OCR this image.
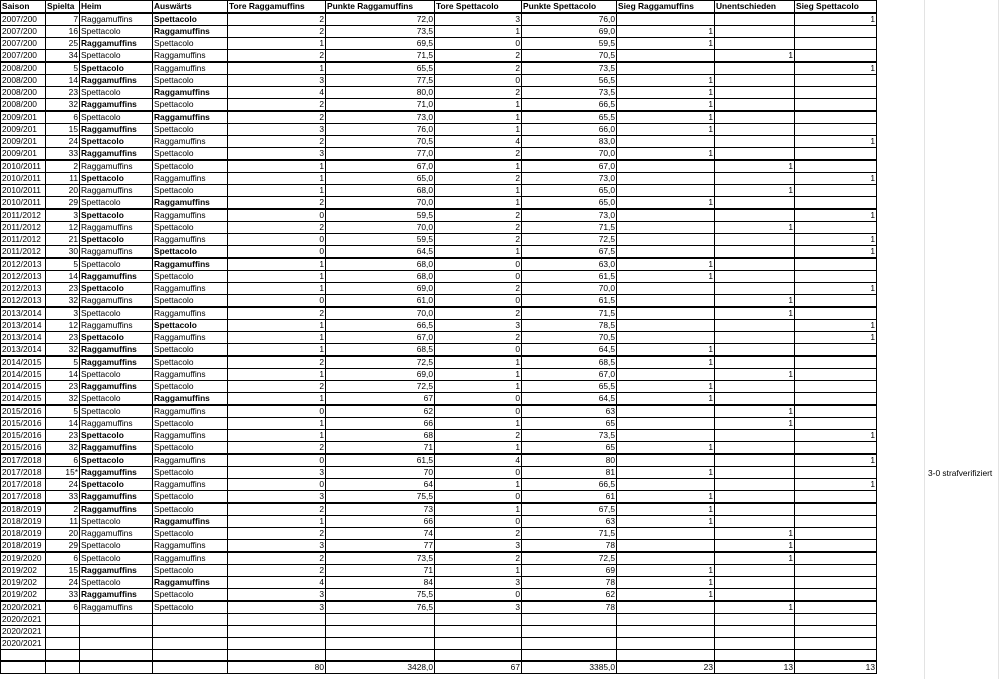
Saison	Spielta	Heim	Auswärts	Tore Raggamuffins	Punkte Raggamuffins	Tore Spettacolo	Punkte Spettacolo	Sieg Raggamuffins	Unentschieden	Sieg Spettacolo
2007/200	7	Raggamuffins	Spettacolo	2	72,0	3	76,0			1
2007/200	16	Spettacolo	Raggamuffins	2	73,5	1	69,0	1		
2007/200	25	Raggamuffins	Spettacolo	1	69,5	0	59,5	1		
2007/200	34	Spettacolo	Raggamuffins	2	71,5	2	70,5		1	
2008/200	5	Spettacolo	Raggamuffins	1	65,5	2	73,5			1
2008/200	14	Raggamuffins	Spettacolo	3	77,5	0	56,5	1		
2008/200	23	Spettacolo	Raggamuffins	4	80,0	2	73,5	1		
2008/200	32	Raggamuffins	Spettacolo	2	71,0	1	66,5	1		
2009/201	6	Spettacolo	Raggamuffins	2	73,0	1	65,5	1		
2009/201	15	Raggamuffins	Spettacolo	3	76,0	1	66,0	1		
2009/201	24	Spettacolo	Raggamuffins	2	70,5	4	83,0			1
2009/201	33	Raggamuffins	Spettacolo	3	77,0	2	70,0	1		
2010/2011	2	Raggamuffins	Spettacolo	1	67,0	1	67,0		1	
2010/2011	11	Spettacolo	Raggamuffins	1	65,0	2	73,0			1
2010/2011	20	Raggamuffins	Spettacolo	1	68,0	1	65,0		1	
2010/2011	29	Spettacolo	Raggamuffins	2	70,0	1	65,0	1		
2011/2012	3	Spettacolo	Raggamuffins	0	59,5	2	73,0			1
2011/2012	12	Raggamuffins	Spettacolo	2	70,0	2	71,5		1	
2011/2012	21	Spettacolo	Raggamuffins	0	59,5	2	72,5			1
2011/2012	30	Raggamuffins	Spettacolo	0	64,5	1	67,5			1
2012/2013	5	Spettacolo	Raggamuffins	1	68,0	0	63,0	1		
2012/2013	14	Raggamuffins	Spettacolo	1	68,0	0	61,5	1		
2012/2013	23	Spettacolo	Raggamuffins	1	69,0	2	70,0			1
2012/2013	32	Raggamuffins	Spettacolo	0	61,0	0	61,5		1	
2013/2014	3	Spettacolo	Raggamuffins	2	70,0	2	71,5		1	
2013/2014	12	Raggamuffins	Spettacolo	1	66,5	3	78,5			1
2013/2014	23	Spettacolo	Raggamuffins	1	67,0	2	70,5			1
2013/2014	32	Raggamuffins	Spettacolo	1	68,5	0	64,5	1		
2014/2015	5	Raggamuffins	Spettacolo	2	72,5	1	68,5	1		
2014/2015	14	Spettacolo	Raggamuffins	1	69,0	1	67,0		1	
2014/2015	23	Raggamuffins	Spettacolo	2	72,5	1	65,5	1		
2014/2015	32	Spettacolo	Raggamuffins	1	67	0	64,5	1		
2015/2016	5	Spettacolo	Raggamuffins	0	62	0	63		1	
2015/2016	14	Raggamuffins	Spettacolo	1	66	1	65		1	
2015/2016	23	Spettacolo	Raggamuffins	1	68	2	73,5			1
2015/2016	32	Raggamuffins	Spettacolo	2	71	1	65	1		
2017/2018	6	Spettacolo	Raggamuffins	0	61,5	4	80			1
2017/2018	15*	Raggamuffins	Spettacolo	3	70	0	81	1		
2017/2018	24	Spettacolo	Raggamuffins	0	64	1	66,5			1
2017/2018	33	Raggamuffins	Spettacolo	3	75,5	0	61	1		
2018/2019	2	Raggamuffins	Spettacolo	2	73	1	67,5	1		
2018/2019	11	Spettacolo	Raggamuffins	1	66	0	63	1		
2018/2019	20	Raggamuffins	Spettacolo	2	74	2	71,5		1	
2018/2019	29	Spettacolo	Raggamuffins	3	77	3	78		1	
2019/2020	6	Spettacolo	Raggamuffins	2	73,5	2	72,5		1	
2019/202	15	Raggamuffins	Spettacolo	2	71	1	69	1		
2019/202	24	Spettacolo	Raggamuffins	4	84	3	78	1		
2019/202	33	Raggamuffins	Spettacolo	3	75,5	0	62	1		
2020/2021	6	Raggamuffins	Spettacolo	3	76,5	3	78		1	
2020/2021										
2020/2021										
2020/2021										

				80	3428,0	67	3385,0	23	13	13
3-0 strafverifiziert
